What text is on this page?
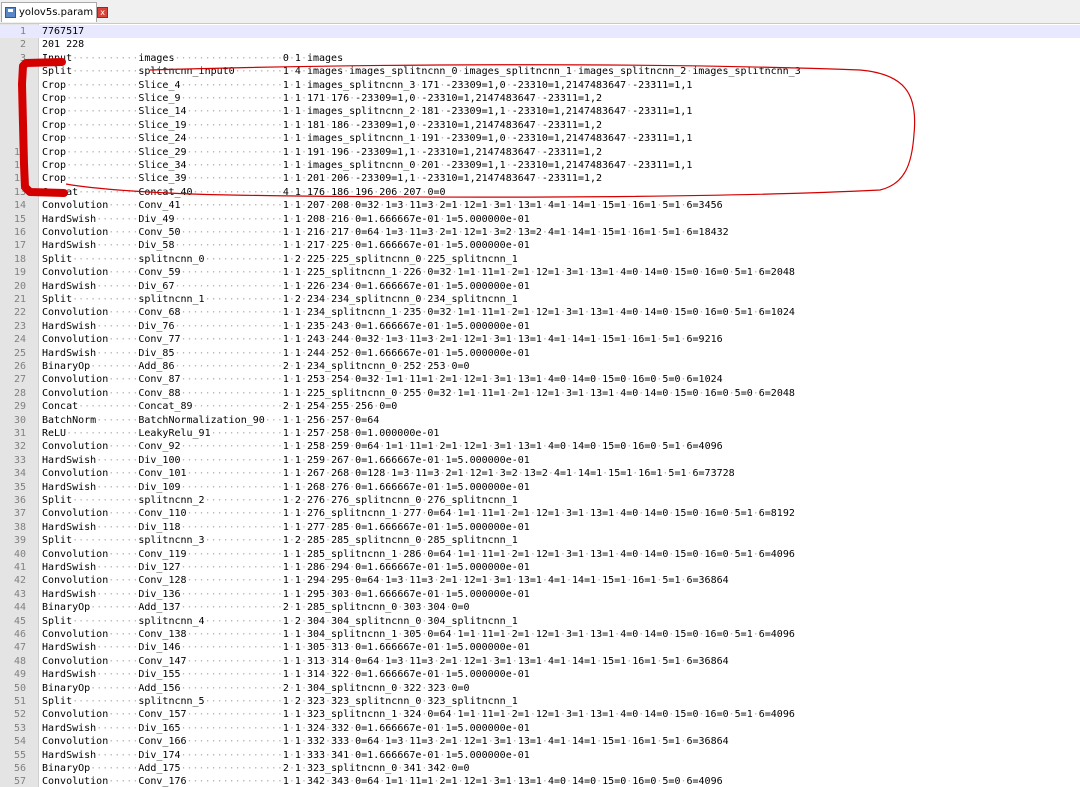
yolov5s.param x
1 7767517
2 201 228
3 Input···········images··················0·1·images
4 Split···········splitncnn_input0········1·4·images·images_splitncnn_0·images_splitncnn_1·images_splitncnn_2·images_splitncnn_3
5 Crop············Slice_4·················1·1·images_splitncnn_3·171·-23309=1,0·-23310=1,2147483647·-23311=1,1
6 Crop············Slice_9·················1·1·171·176·-23309=1,0·-23310=1,2147483647·-23311=1,2
7 Crop············Slice_14················1·1·images_splitncnn_2·181·-23309=1,1·-23310=1,2147483647·-23311=1,1
8 Crop············Slice_19················1·1·181·186·-23309=1,0·-23310=1,2147483647·-23311=1,2
9 Crop············Slice_24················1·1·images_splitncnn_1·191·-23309=1,0·-23310=1,2147483647·-23311=1,1
10 Crop············Slice_29················1·1·191·196·-23309=1,1·-23310=1,2147483647·-23311=1,2
11 Crop············Slice_34················1·1·images_splitncnn_0·201·-23309=1,1·-23310=1,2147483647·-23311=1,1
12 Crop············Slice_39················1·1·201·206·-23309=1,1·-23310=1,2147483647·-23311=1,2
13 Concat··········Concat_40···············4·1·176·186·196·206·207·0=0
14 Convolution·····Conv_41·················1·1·207·208·0=32·1=3·11=3·2=1·12=1·3=1·13=1·4=1·14=1·15=1·16=1·5=1·6=3456
15 HardSwish·······Div_49··················1·1·208·216·0=1.666667e-01·1=5.000000e-01
16 Convolution·····Conv_50·················1·1·216·217·0=64·1=3·11=3·2=1·12=1·3=2·13=2·4=1·14=1·15=1·16=1·5=1·6=18432
17 HardSwish·······Div_58··················1·1·217·225·0=1.666667e-01·1=5.000000e-01
18 Split···········splitncnn_0·············1·2·225·225_splitncnn_0·225_splitncnn_1
19 Convolution·····Conv_59·················1·1·225_splitncnn_1·226·0=32·1=1·11=1·2=1·12=1·3=1·13=1·4=0·14=0·15=0·16=0·5=1·6=2048
20 HardSwish·······Div_67··················1·1·226·234·0=1.666667e-01·1=5.000000e-01
21 Split···········splitncnn_1·············1·2·234·234_splitncnn_0·234_splitncnn_1
22 Convolution·····Conv_68·················1·1·234_splitncnn_1·235·0=32·1=1·11=1·2=1·12=1·3=1·13=1·4=0·14=0·15=0·16=0·5=1·6=1024
23 HardSwish·······Div_76··················1·1·235·243·0=1.666667e-01·1=5.000000e-01
24 Convolution·····Conv_77·················1·1·243·244·0=32·1=3·11=3·2=1·12=1·3=1·13=1·4=1·14=1·15=1·16=1·5=1·6=9216
25 HardSwish·······Div_85··················1·1·244·252·0=1.666667e-01·1=5.000000e-01
26 BinaryOp········Add_86··················2·1·234_splitncnn_0·252·253·0=0
27 Convolution·····Conv_87·················1·1·253·254·0=32·1=1·11=1·2=1·12=1·3=1·13=1·4=0·14=0·15=0·16=0·5=0·6=1024
28 Convolution·····Conv_88·················1·1·225_splitncnn_0·255·0=32·1=1·11=1·2=1·12=1·3=1·13=1·4=0·14=0·15=0·16=0·5=0·6=2048
29 Concat··········Concat_89···············2·1·254·255·256·0=0
30 BatchNorm·······BatchNormalization_90···1·1·256·257·0=64
31 ReLU············LeakyRelu_91············1·1·257·258·0=1.000000e-01
32 Convolution·····Conv_92·················1·1·258·259·0=64·1=1·11=1·2=1·12=1·3=1·13=1·4=0·14=0·15=0·16=0·5=1·6=4096
33 HardSwish·······Div_100·················1·1·259·267·0=1.666667e-01·1=5.000000e-01
34 Convolution·····Conv_101················1·1·267·268·0=128·1=3·11=3·2=1·12=1·3=2·13=2·4=1·14=1·15=1·16=1·5=1·6=73728
35 HardSwish·······Div_109·················1·1·268·276·0=1.666667e-01·1=5.000000e-01
36 Split···········splitncnn_2·············1·2·276·276_splitncnn_0·276_splitncnn_1
37 Convolution·····Conv_110················1·1·276_splitncnn_1·277·0=64·1=1·11=1·2=1·12=1·3=1·13=1·4=0·14=0·15=0·16=0·5=1·6=8192
38 HardSwish·······Div_118·················1·1·277·285·0=1.666667e-01·1=5.000000e-01
39 Split···········splitncnn_3·············1·2·285·285_splitncnn_0·285_splitncnn_1
40 Convolution·····Conv_119················1·1·285_splitncnn_1·286·0=64·1=1·11=1·2=1·12=1·3=1·13=1·4=0·14=0·15=0·16=0·5=1·6=4096
41 HardSwish·······Div_127·················1·1·286·294·0=1.666667e-01·1=5.000000e-01
42 Convolution·····Conv_128················1·1·294·295·0=64·1=3·11=3·2=1·12=1·3=1·13=1·4=1·14=1·15=1·16=1·5=1·6=36864
43 HardSwish·······Div_136·················1·1·295·303·0=1.666667e-01·1=5.000000e-01
44 BinaryOp········Add_137·················2·1·285_splitncnn_0·303·304·0=0
45 Split···········splitncnn_4·············1·2·304·304_splitncnn_0·304_splitncnn_1
46 Convolution·····Conv_138················1·1·304_splitncnn_1·305·0=64·1=1·11=1·2=1·12=1·3=1·13=1·4=0·14=0·15=0·16=0·5=1·6=4096
47 HardSwish·······Div_146·················1·1·305·313·0=1.666667e-01·1=5.000000e-01
48 Convolution·····Conv_147················1·1·313·314·0=64·1=3·11=3·2=1·12=1·3=1·13=1·4=1·14=1·15=1·16=1·5=1·6=36864
49 HardSwish·······Div_155·················1·1·314·322·0=1.666667e-01·1=5.000000e-01
50 BinaryOp········Add_156·················2·1·304_splitncnn_0·322·323·0=0
51 Split···········splitncnn_5·············1·2·323·323_splitncnn_0·323_splitncnn_1
52 Convolution·····Conv_157················1·1·323_splitncnn_1·324·0=64·1=1·11=1·2=1·12=1·3=1·13=1·4=0·14=0·15=0·16=0·5=1·6=4096
53 HardSwish·······Div_165·················1·1·324·332·0=1.666667e-01·1=5.000000e-01
54 Convolution·····Conv_166················1·1·332·333·0=64·1=3·11=3·2=1·12=1·3=1·13=1·4=1·14=1·15=1·16=1·5=1·6=36864
55 HardSwish·······Div_174·················1·1·333·341·0=1.666667e-01·1=5.000000e-01
56 BinaryOp········Add_175·················2·1·323_splitncnn_0·341·342·0=0
57 Convolution·····Conv_176················1·1·342·343·0=64·1=1·11=1·2=1·12=1·3=1·13=1·4=0·14=0·15=0·16=0·5=0·6=4096
